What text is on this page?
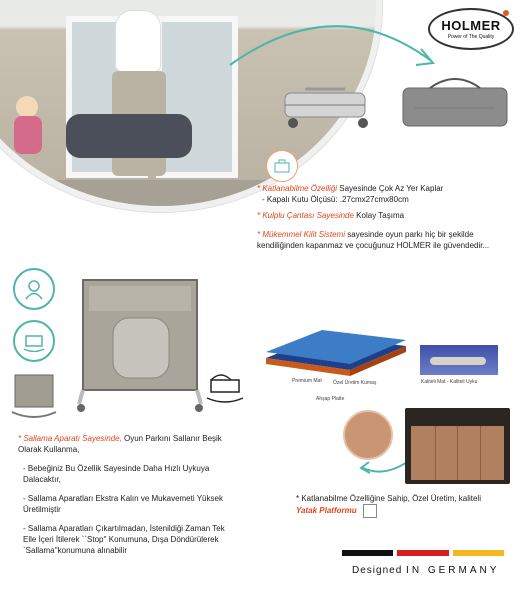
HOLMER
Power of The Quality
* Katlanabilme Özelliği Sayesinde Çok Az Yer Kaplar
- Kapalı Kutu Ölçüsü: .27cmx27cmx80cm
* Kulplu Çantası Sayesinde Kolay Taşıma
* Mükemmel Kilit Sistemi sayesinde oyun parkı hiç bir şekilde kendiliğinden kapanmaz ve çocuğunuz HOLMER ile güvendedir...
* Sallama Aparatı Sayesinde, Oyun Parkını Sallanır Beşik Olarak Kullanma,
- Bebeğiniz Bu Özellik Sayesinde Daha Hızlı Uykuya Dalacaktır,
- Sallama Aparatları Ekstra Kalın ve Mukavemeti Yüksek Üretilmiştir
- Sallama Aparatları Çıkartılmadan, İstenildiği Zaman Tek Elle İçeri İtilerek ``Stop'' Konumuna, Dışa Döndürülerek `Sallama''konumuna alınabilir
Premium Mat Özel Üretim Kumaş
Ahşap Platte
Kaliteli Mat - Kaliteli Uyku
* Katlanabilme Özelliğine Sahip, Özel Üretim, kaliteli
Yatak Platformu
Designed IN GERMANY
